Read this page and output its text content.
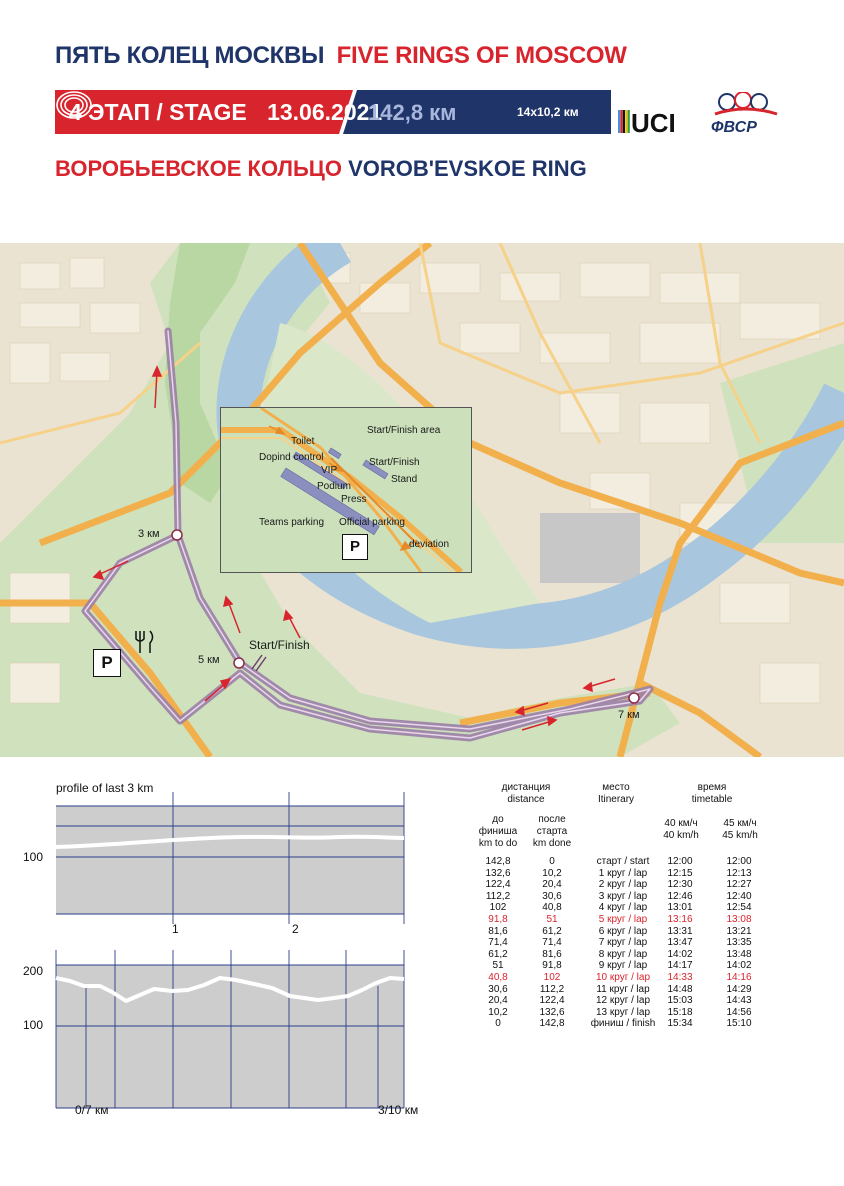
ПЯТЬ КОЛЕЦ МОСКВЫ FIVE RINGS OF MOSCOW
4 ЭТАП / STAGE 13.06.2021
142,8 км	14x10,2 км UCI ФВСР
ВОРОБЬЕВСКОЕ КОЛЬЦО VOROB'EVSKOE RING
Toilet
Dopind control
VIP
Podium
Press
Start/Finish area
Start/Finish
Stand
Teams parking Official parking
deviation
P
3 км
5 км
7 км
Start/Finish
P
profile of last 3 km
100
1	2
200
100
0/7 км	3/10 км
дистанция
distance
место
Itinerary
время
timetable
до
финиша
km to do
после
старта
km done
40 км/ч
40 km/h
45 км/ч
45 km/h
142,8	0	старт / start	12:00	12:00
132,6	10,2	1 круг / lap	12:15	12:13
122,4	20,4	2 круг / lap	12:30	12:27
112,2	30,6	3 круг / lap	12:46	12:40
102	40,8	4 круг / lap	13:01	12:54
91,8	51	5 круг / lap	13:16	13:08
81,6	61,2	6 круг / lap	13:31	13:21
71,4	71,4	7 круг / lap	13:47	13:35
61,2	81,6	8 круг / lap	14:02	13:48
51	91,8	9 круг / lap	14:17	14:02
40,8	102	10 круг / lap	14:33	14:16
30,6	112,2	11 круг / lap	14:48	14:29
20,4	122,4	12 круг / lap	15:03	14:43
10,2	132,6	13 круг / lap	15:18	14:56
0	142,8	финиш / finish	15:34	15:10
